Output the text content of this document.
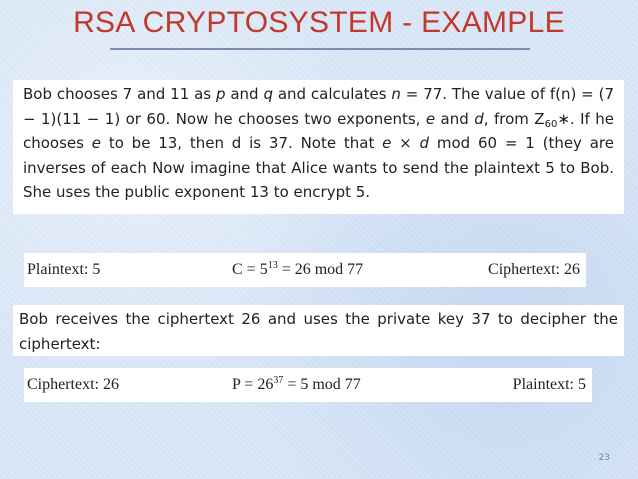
RSA CRYPTOSYSTEM - EXAMPLE

Bob chooses 7 and 11 as p and q and calculates n = 77. The value of f(n) = (7 − 1)(11 − 1) or 60. Now he chooses two exponents, e and d, from $Z_{60}∗$. If he chooses e to be 13, then d is 37. Note that e × d mod 60 = 1 (they are inverses of each Now imagine that Alice wants to send the plaintext 5 to Bob. She uses the public exponent 13 to encrypt 5.

Plaintext: 5	$C = 5^{13} = 26$ mod 77	Ciphertext: 26

Bob receives the ciphertext 26 and uses the private key 37 to decipher the ciphertext:

Ciphertext: 26	$P = 26^{37} = 5$ mod 77	Plaintext: 5
23
